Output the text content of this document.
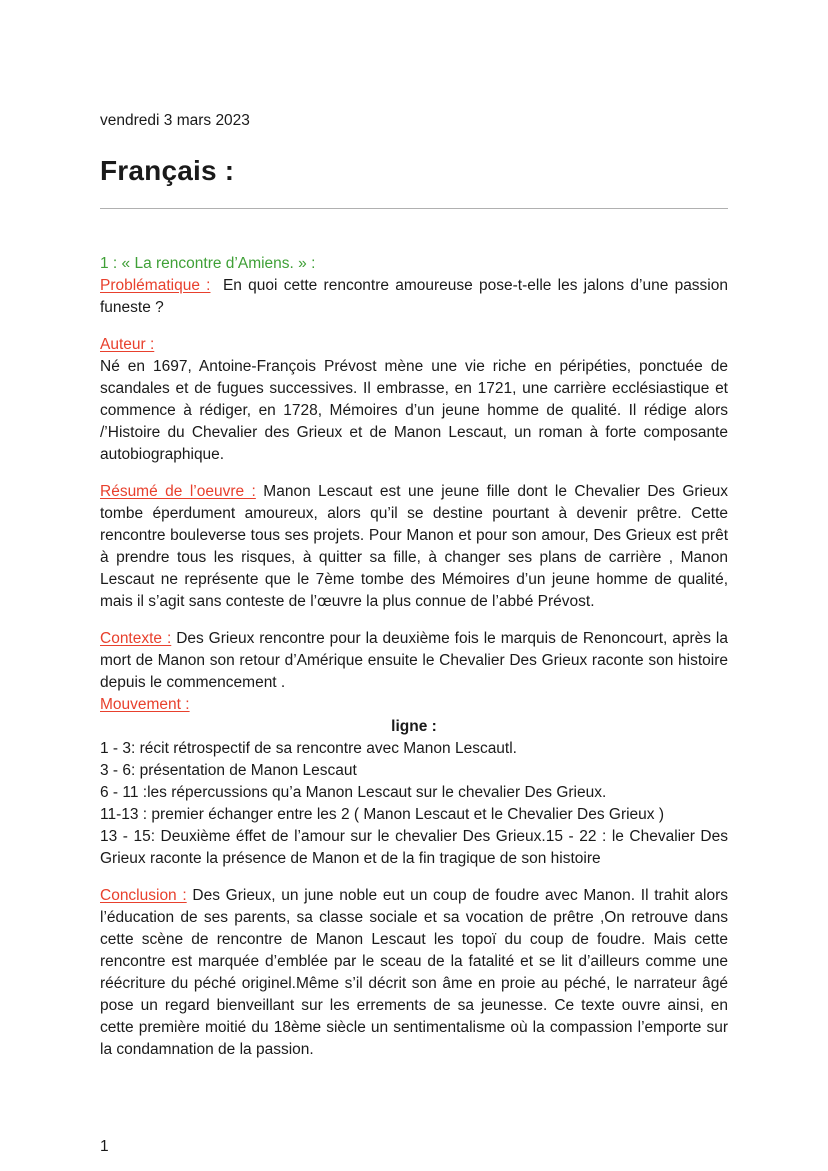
vendredi 3 mars 2023

Français :

1 : « La rencontre d’Amiens. » :

Problématique : En quoi cette rencontre amoureuse pose-t-elle les jalons d’une passion funeste ?

Auteur :

Né en 1697, Antoine-François Prévost mène une vie riche en péripéties, ponctuée de scandales et de fugues successives. Il embrasse, en 1721, une carrière ecclésiastique et commence à rédiger, en 1728, Mémoires d’un jeune homme de qualité. Il rédige alors /’Histoire du Chevalier des Grieux et de Manon Lescaut, un roman à forte composante autobiographique.

Résumé de l’oeuvre : Manon Lescaut est une jeune fille dont le Chevalier Des Grieux tombe éperdument amoureux, alors qu’il se destine pourtant à devenir prêtre. Cette rencontre bouleverse tous ses projets. Pour Manon et pour son amour, Des Grieux est prêt à prendre tous les risques, à quitter sa fille, à changer ses plans de carrière , Manon Lescaut ne représente que le 7ème tombe des Mémoires d’un jeune homme de qualité, mais il s’agit sans conteste de l’œuvre la plus connue de l’abbé Prévost.

Contexte : Des Grieux rencontre pour la deuxième fois le marquis de Renoncourt, après la mort de Manon son retour d’Amérique ensuite le Chevalier Des Grieux raconte son histoire depuis le commencement .

Mouvement :

ligne :

1 - 3: récit rétrospectif de sa rencontre avec Manon Lescautl.

3 - 6: présentation de Manon Lescaut

6 - 11 :les répercussions qu’a Manon Lescaut sur le chevalier Des Grieux.

11-13 : premier échanger entre les 2 ( Manon Lescaut et le Chevalier Des Grieux )

13 - 15: Deuxième éffet de l’amour sur le chevalier Des Grieux.15 - 22 : le Chevalier Des Grieux raconte la présence de Manon et de la fin tragique de son histoire

Conclusion : Des Grieux, un june noble eut un coup de foudre avec Manon. Il trahit alors l’éducation de ses parents, sa classe sociale et sa vocation de prêtre ,On retrouve dans cette scène de rencontre de Manon Lescaut les topoï du coup de foudre. Mais cette rencontre est marquée d’emblée par le sceau de la fatalité et se lit d’ailleurs comme une réécriture du péché originel.Même s’il décrit son âme en proie au péché, le narrateur âgé pose un regard bienveillant sur les errements de sa jeunesse. Ce texte ouvre ainsi, en cette première moitié du 18ème siècle un sentimentalisme où la compassion l’emporte sur la condamnation de la passion.

1
